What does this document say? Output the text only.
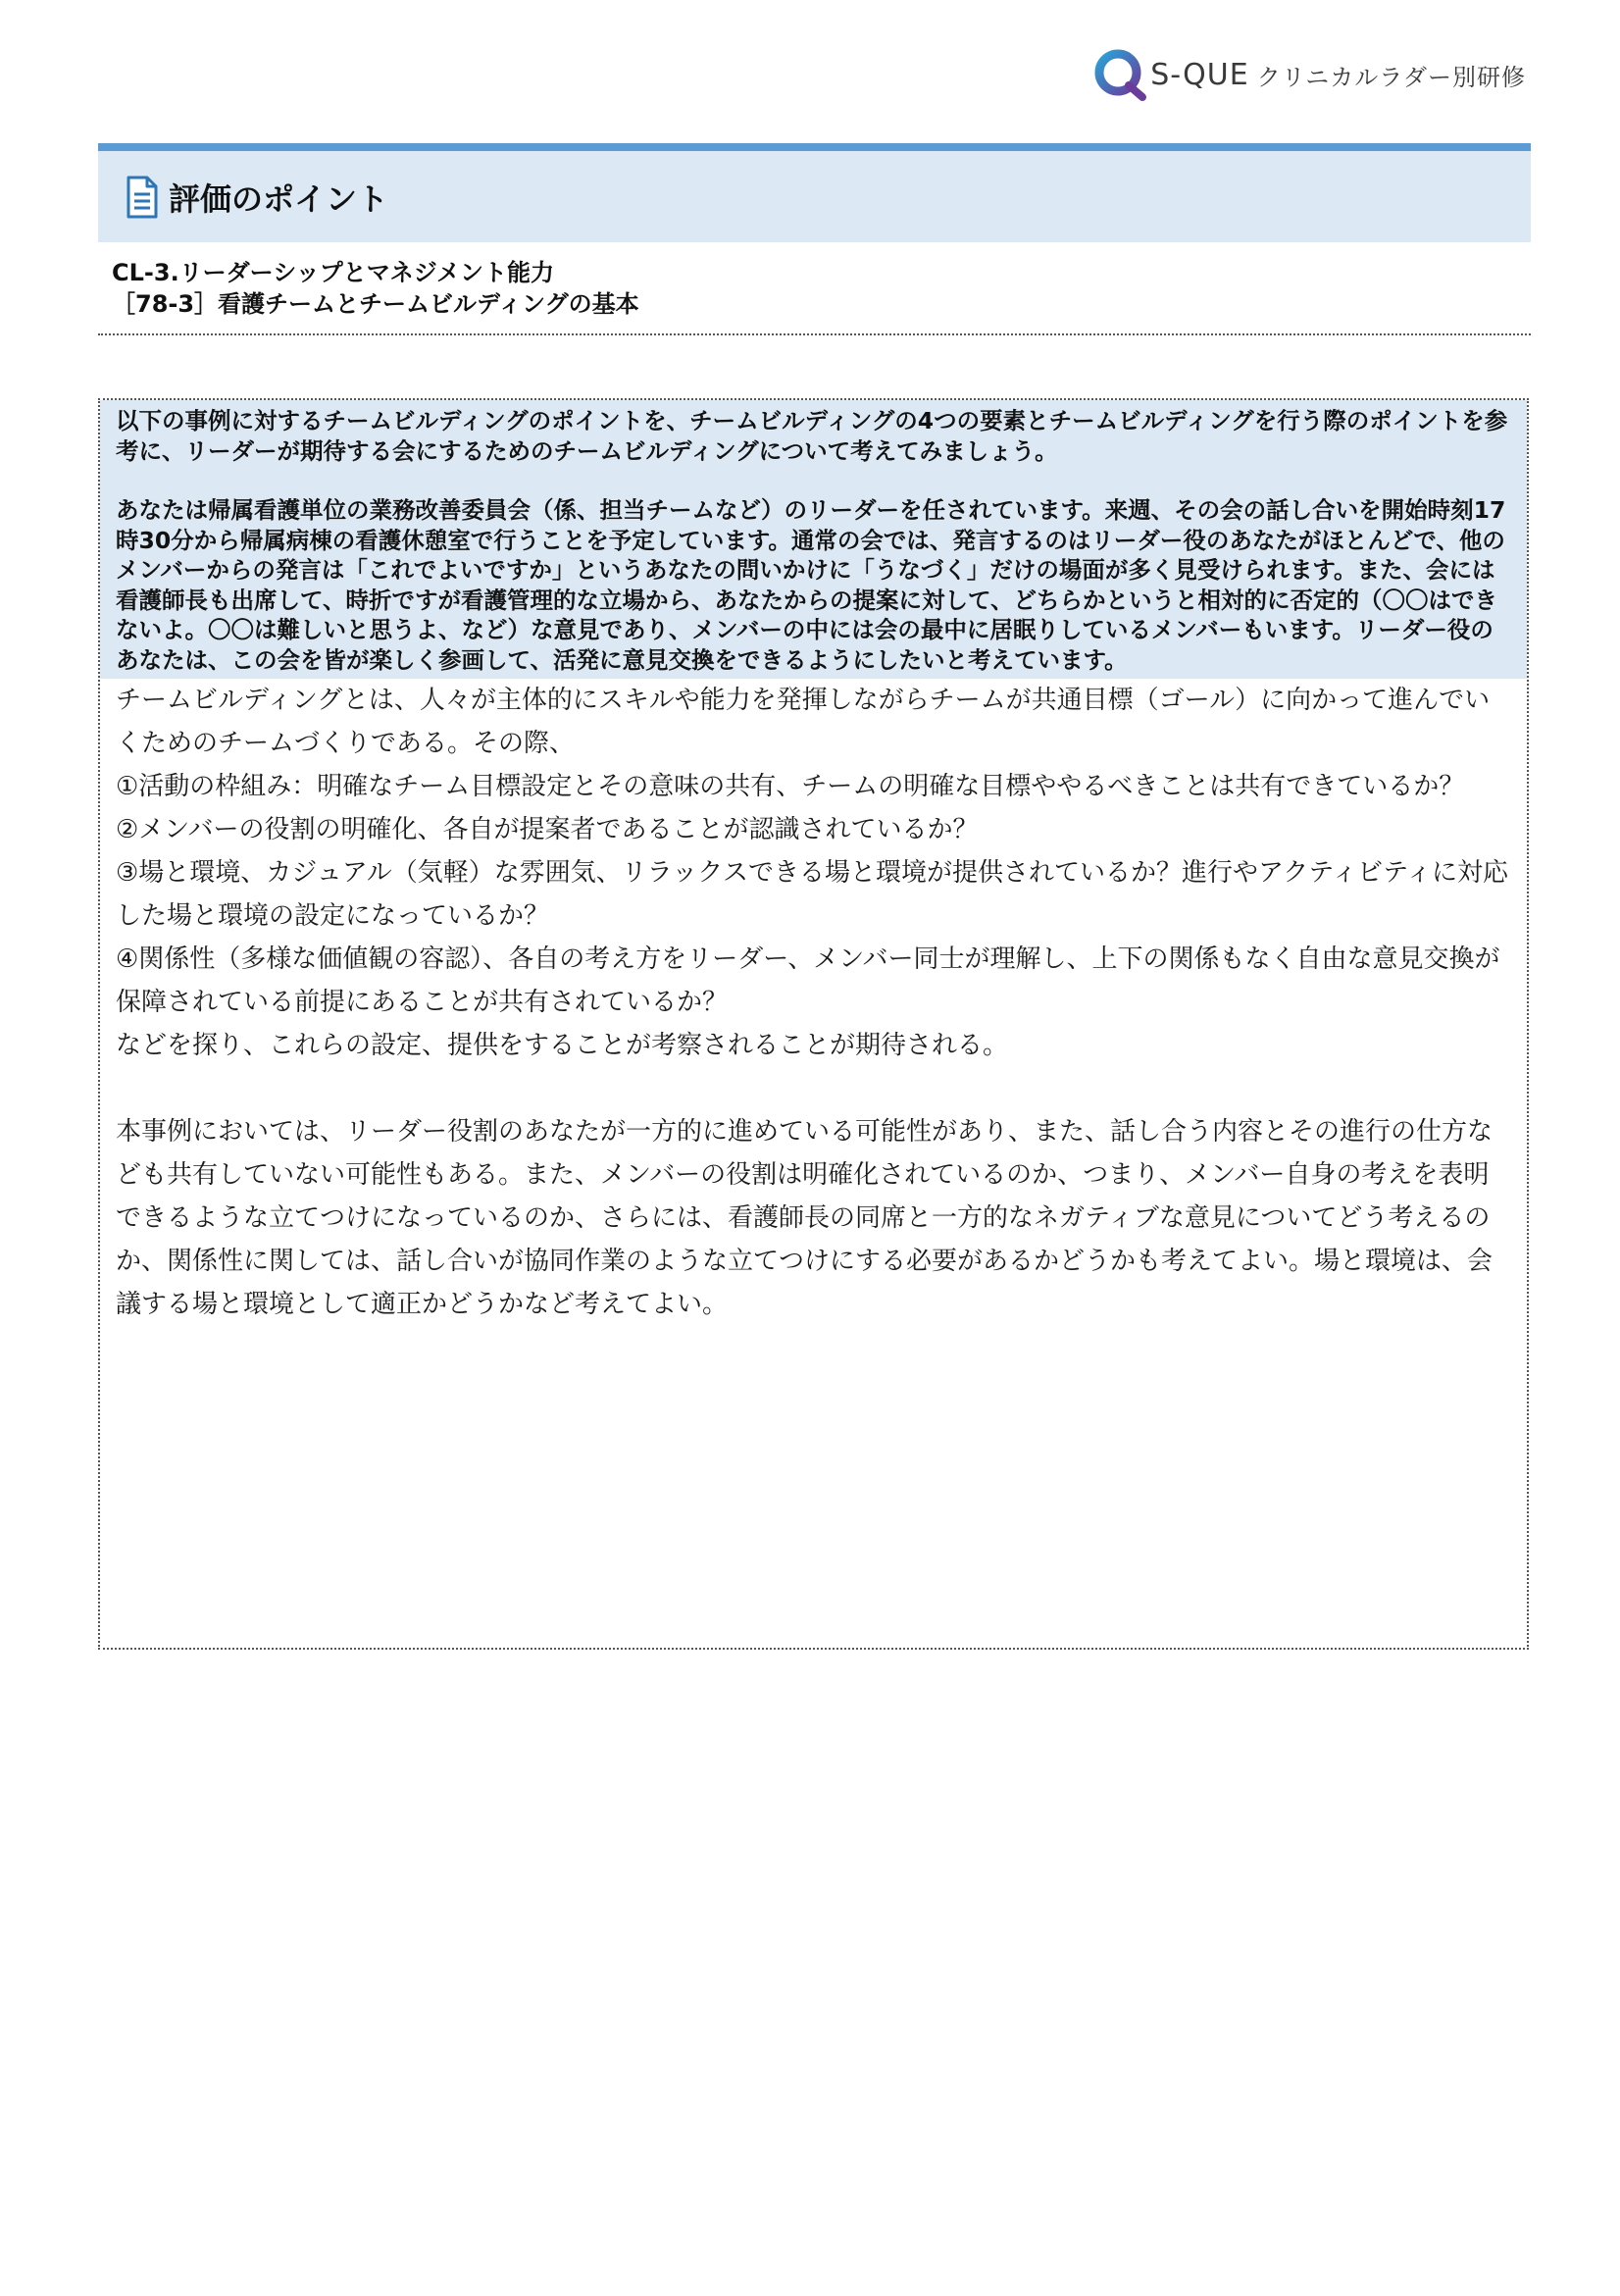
S-QUE クリニカルラダー別研修
評価のポイント
CL-3.リーダーシップとマネジメント能力
［78-3］看護チームとチームビルディングの基本

以下の事例に対するチームビルディングのポイントを、チームビルディングの4つの要素とチームビルディングを行う際のポイントを参考に、リーダーが期待する会にするためのチームビルディングについて考えてみましょう。

あなたは帰属看護単位の業務改善委員会（係、担当チームなど）のリーダーを任されています。来週、その会の話し合いを開始時刻17時30分から帰属病棟の看護休憩室で行うことを予定しています。通常の会では、発言するのはリーダー役のあなたがほとんどで、他のメンバーからの発言は「これでよいですか」というあなたの問いかけに「うなづく」だけの場面が多く見受けられます。また、会には看護師長も出席して、時折ですが看護管理的な立場から、あなたからの提案に対して、どちらかというと相対的に否定的（〇〇はできないよ。〇〇は難しいと思うよ、など）な意見であり、メンバーの中には会の最中に居眠りしているメンバーもいます。リーダー役のあなたは、この会を皆が楽しく参画して、活発に意見交換をできるようにしたいと考えています。

チームビルディングとは、人々が主体的にスキルや能力を発揮しながらチームが共通目標（ゴール）に向かって進んでいくためのチームづくりである。その際、

①活動の枠組み：明確なチーム目標設定とその意味の共有、チームの明確な目標ややるべきことは共有できているか？

②メンバーの役割の明確化、各自が提案者であることが認識されているか？

③場と環境、カジュアル（気軽）な雰囲気、リラックスできる場と環境が提供されているか？進行やアクティビティに対応した場と環境の設定になっているか？

④関係性（多様な価値観の容認）、各自の考え方をリーダー、メンバー同士が理解し、上下の関係もなく自由な意見交換が保障されている前提にあることが共有されているか？

などを探り、これらの設定、提供をすることが考察されることが期待される。

本事例においては、リーダー役割のあなたが一方的に進めている可能性があり、また、話し合う内容とその進行の仕方なども共有していない可能性もある。また、メンバーの役割は明確化されているのか、つまり、メンバー自身の考えを表明できるような立てつけになっているのか、さらには、看護師長の同席と一方的なネガティブな意見についてどう考えるのか、関係性に関しては、話し合いが協同作業のような立てつけにする必要があるかどうかも考えてよい。場と環境は、会議する場と環境として適正かどうかなど考えてよい。
